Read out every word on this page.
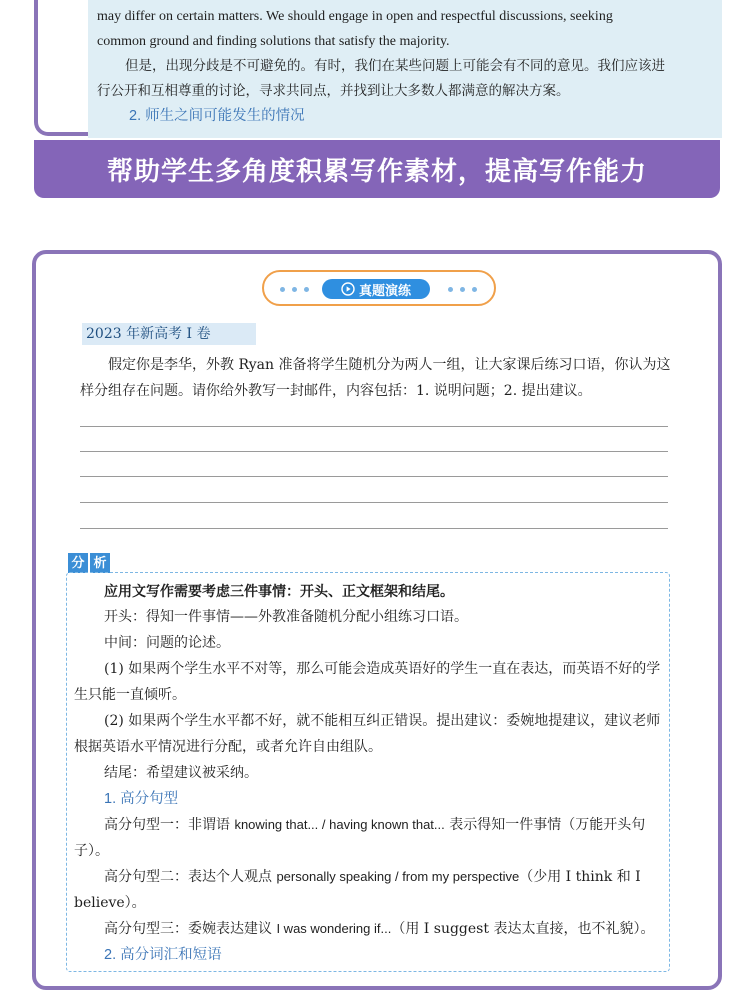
may differ on certain matters. We should engage in open and respectful discussions, seeking

common ground and finding solutions that satisfy the majority.

但是，出现分歧是不可避免的。有时，我们在某些问题上可能会有不同的意见。我们应该进行公开和互相尊重的讨论，寻求共同点，并找到让大多数人都满意的解决方案。

2. 师生之间可能发生的情况

帮助学生多角度积累写作素材，提高写作能力
真题演练
2023 年新高考 Ⅰ 卷

假定你是李华，外教 Ryan 准备将学生随机分为两人一组，让大家课后练习口语，你认为这样分组存在问题。请你给外教写一封邮件，内容包括：1. 说明问题；2. 提出建议。

分 析

应用文写作需要考虑三件事情：开头、正文框架和结尾。

开头：得知一件事情——外教准备随机分配小组练习口语。

中间：问题的论述。

(1) 如果两个学生水平不对等，那么可能会造成英语好的学生一直在表达，而英语不好的学生只能一直倾听。

(2) 如果两个学生水平都不好，就不能相互纠正错误。提出建议：委婉地提建议，建议老师根据英语水平情况进行分配，或者允许自由组队。

结尾：希望建议被采纳。

1. 高分句型

高分句型一：非谓语 knowing that... / having known that... 表示得知一件事情（万能开头句子）。

高分句型二：表达个人观点 personally speaking / from my perspective（少用 I think 和 I believe）。

高分句型三：委婉表达建议 I was wondering if...（用 I suggest 表达太直接，也不礼貌）。

2. 高分词汇和短语
